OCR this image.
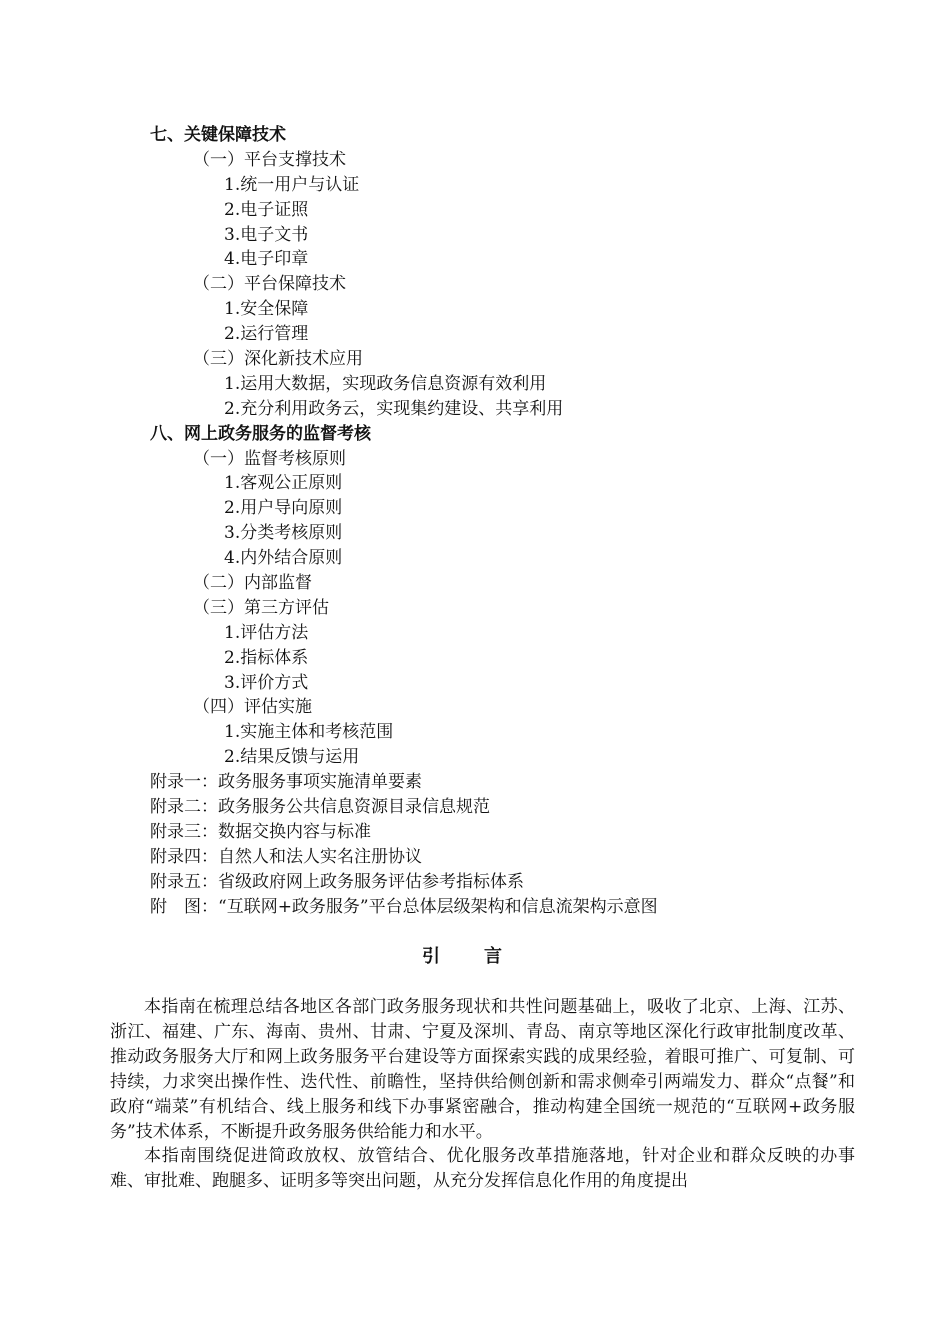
七、关键保障技术
（一）平台支撑技术
1.统一用户与认证
2.电子证照
3.电子文书
4.电子印章
（二）平台保障技术
1.安全保障
2.运行管理
（三）深化新技术应用
1.运用大数据，实现政务信息资源有效利用
2.充分利用政务云，实现集约建设、共享利用
八、网上政务服务的监督考核
（一）监督考核原则
1.客观公正原则
2.用户导向原则
3.分类考核原则
4.内外结合原则
（二）内部监督
（三）第三方评估
1.评估方法
2.指标体系
3.评价方式
（四）评估实施
1.实施主体和考核范围
2.结果反馈与运用
附录一：政务服务事项实施清单要素
附录二：政务服务公共信息资源目录信息规范
附录三：数据交换内容与标准
附录四：自然人和法人实名注册协议
附录五：省级政府网上政务服务评估参考指标体系
附　图：“互联网+政务服务”平台总体层级架构和信息流架构示意图
引言

本指南在梳理总结各地区各部门政务服务现状和共性问题基础上，吸收了北京、上海、江苏、浙江、福建、广东、海南、贵州、甘肃、宁夏及深圳、青岛、南京等地区深化行政审批制度改革、推动政务服务大厅和网上政务服务平台建设等方面探索实践的成果经验，着眼可推广、可复制、可持续，力求突出操作性、迭代性、前瞻性，坚持供给侧创新和需求侧牵引两端发力、群众“点餐”和政府“端菜”有机结合、线上服务和线下办事紧密融合，推动构建全国统一规范的“互联网+政务服务”技术体系，不断提升政务服务供给能力和水平。

本指南围绕促进简政放权、放管结合、优化服务改革措施落地，针对企业和群众反映的办事难、审批难、跑腿多、证明多等突出问题，从充分发挥信息化作用的角度提出
